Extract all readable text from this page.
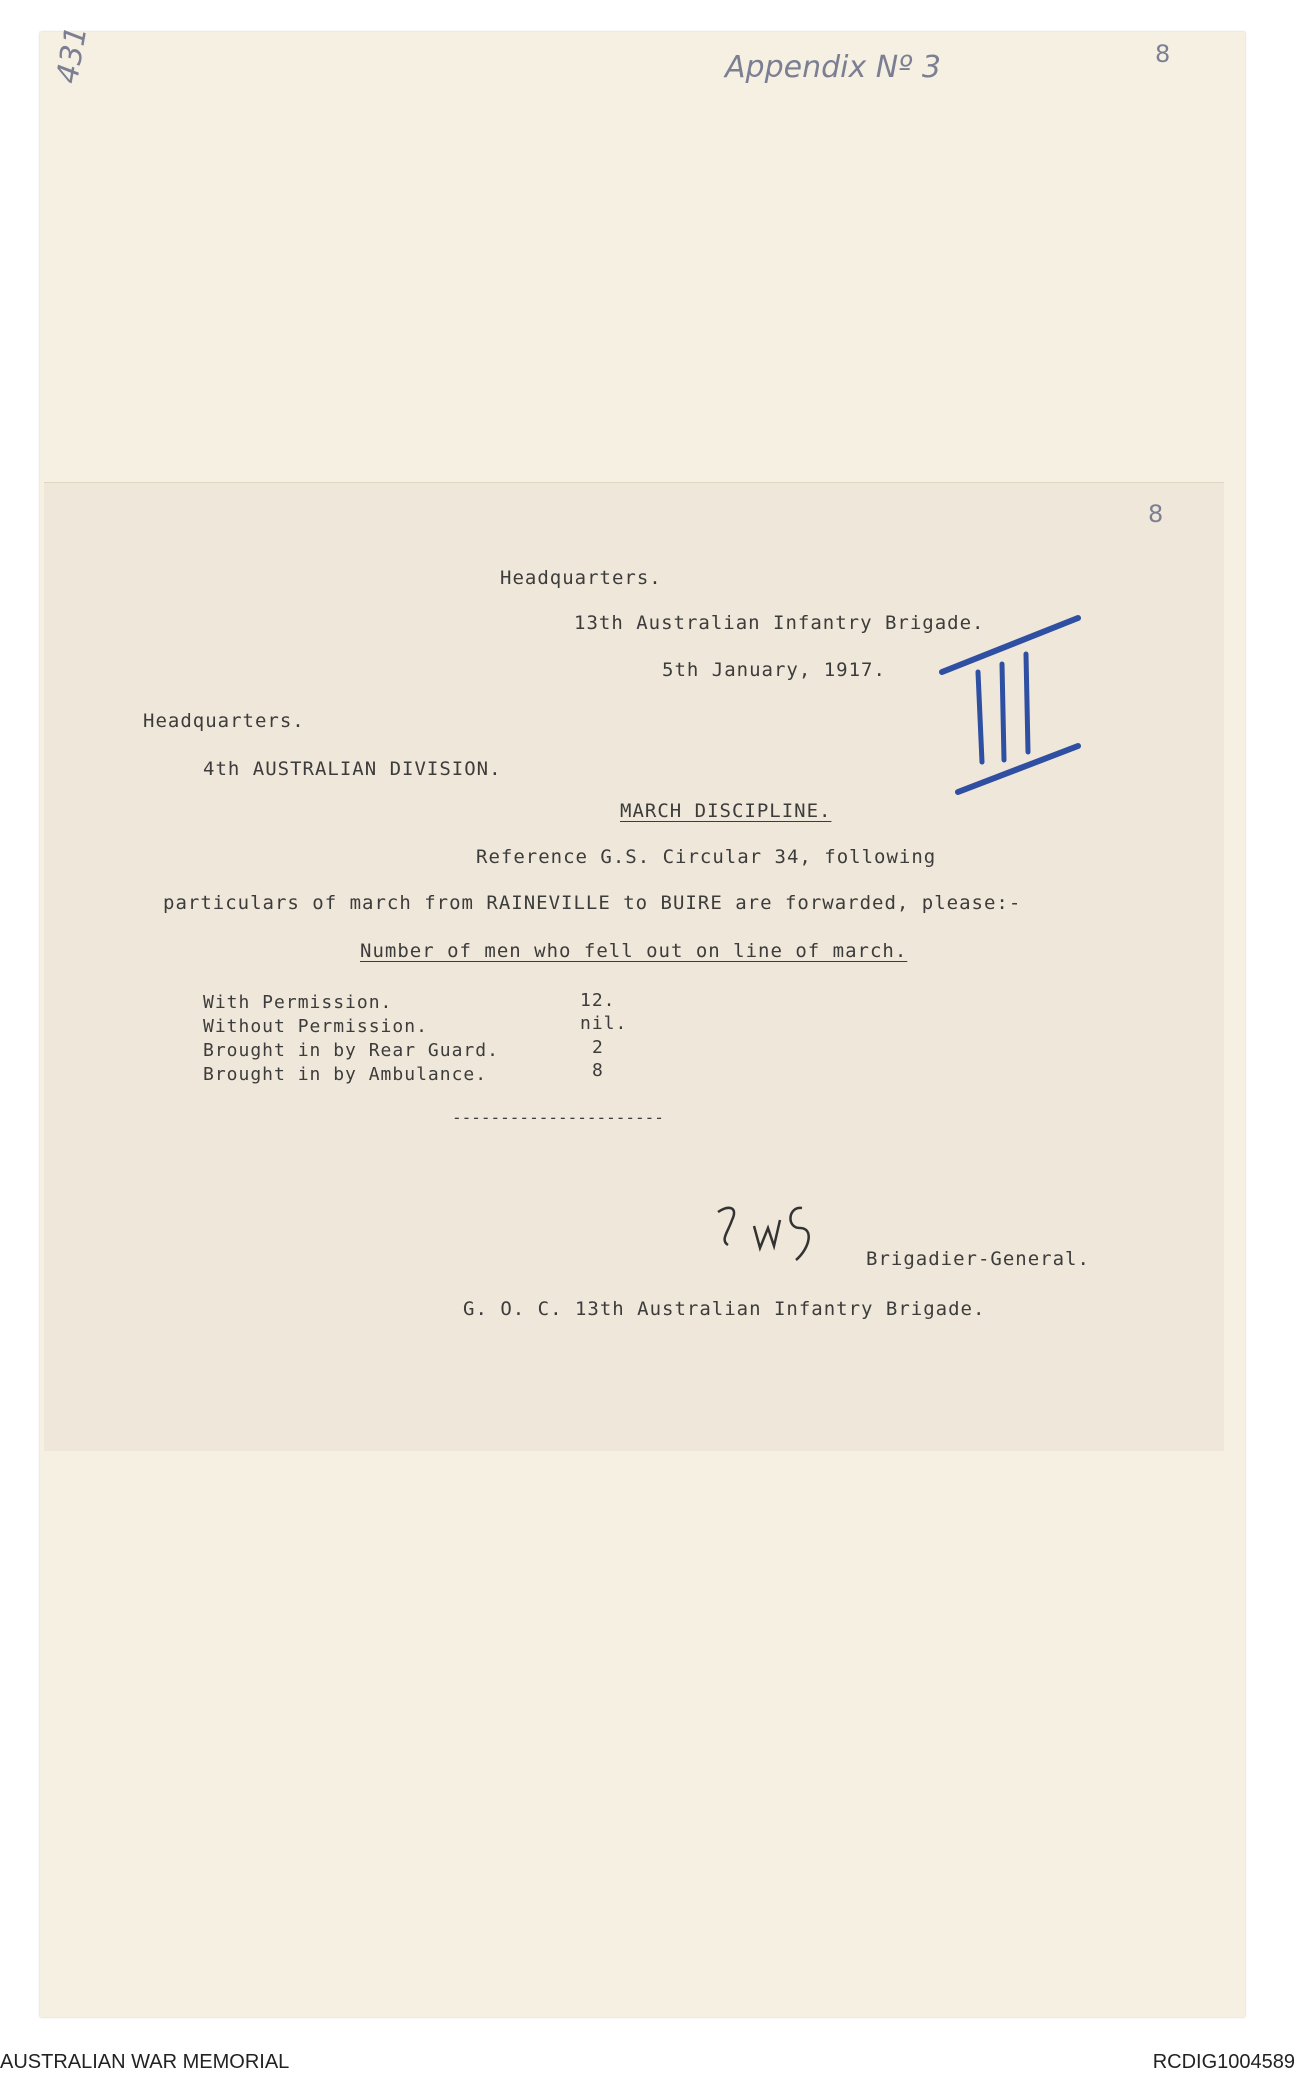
Appendix Nº 3	8
8
431
Headquarters.
13th Australian Infantry Brigade.
5th January, 1917.
Headquarters.
4th AUSTRALIAN DIVISION.
MARCH DISCIPLINE.
Reference G.S. Circular 34, following
particulars of march from RAINEVILLE to BUIRE are forwarded, please:-
Number of men who fell out on line of march.
With Permission.	12.
Without Permission.	nil.
Brought in by Rear Guard.	2
Brought in by Ambulance.	8
----------------------
Brigadier-General.
G. O. C. 13th Australian Infantry Brigade.
AUSTRALIAN WAR MEMORIAL	RCDIG1004589
